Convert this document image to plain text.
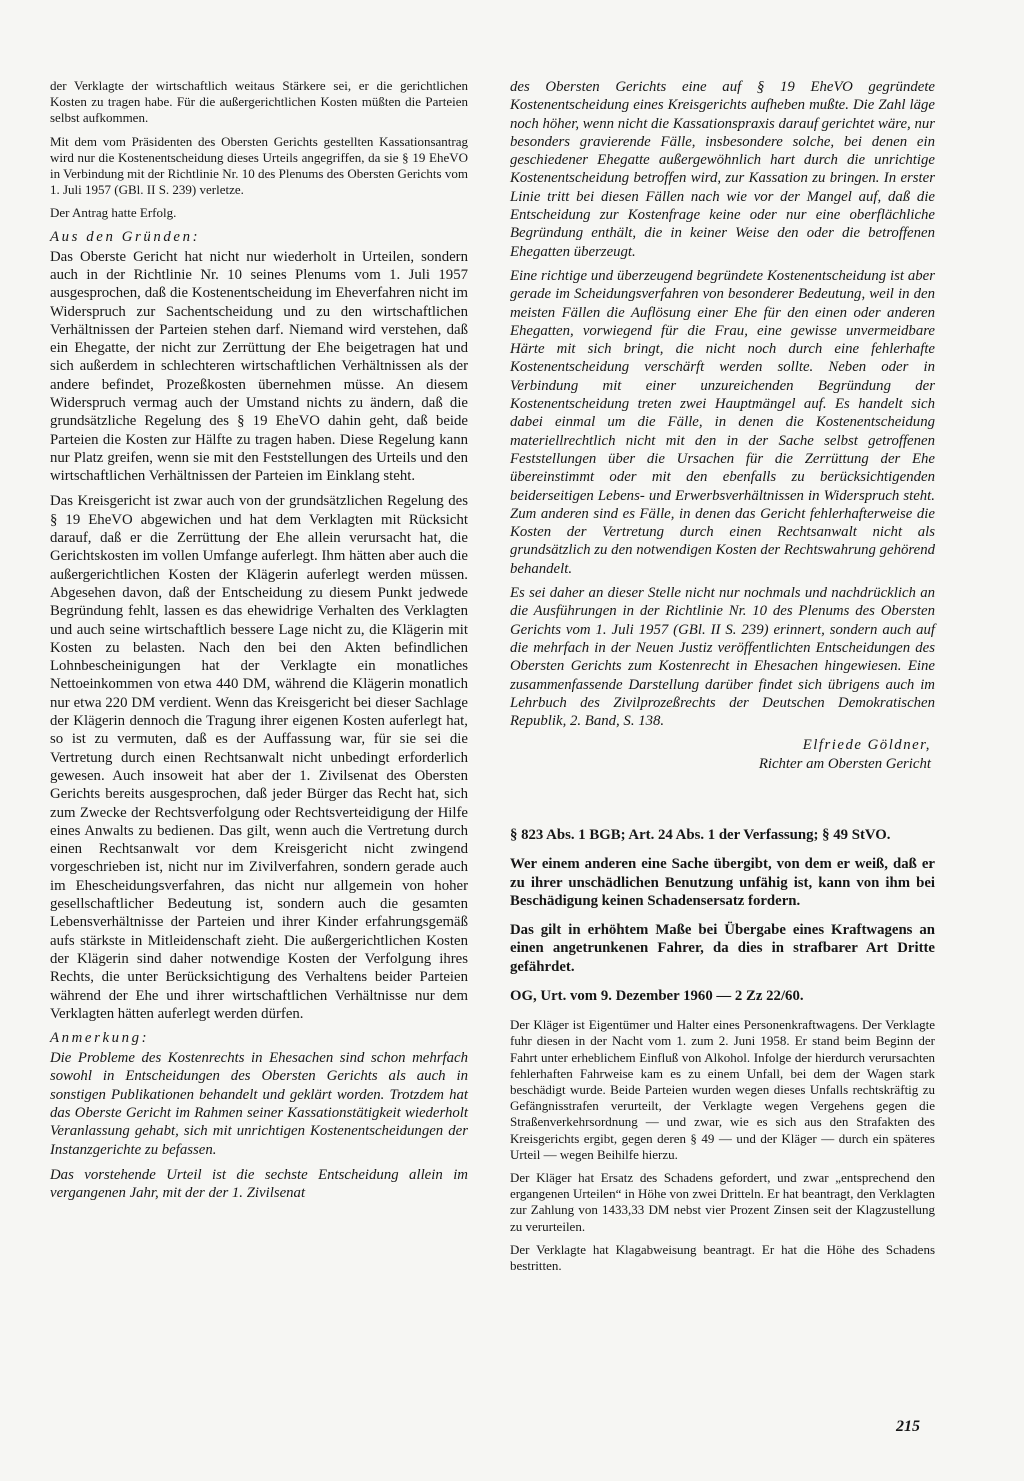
der Verklagte der wirtschaftlich weitaus Stärkere sei, er die gerichtlichen Kosten zu tragen habe. Für die außergerichtlichen Kosten müßten die Parteien selbst aufkommen.

Mit dem vom Präsidenten des Obersten Gerichts gestellten Kassationsantrag wird nur die Kostenentscheidung dieses Urteils angegriffen, da sie § 19 EheVO in Verbindung mit der Richtlinie Nr. 10 des Plenums des Obersten Gerichts vom 1. Juli 1957 (GBl. II S. 239) verletze.

Der Antrag hatte Erfolg.

Aus den Gründen:

Das Oberste Gericht hat nicht nur wiederholt in Urteilen, sondern auch in der Richtlinie Nr. 10 seines Plenums vom 1. Juli 1957 ausgesprochen, daß die Kostenentscheidung im Eheverfahren nicht im Widerspruch zur Sachentscheidung und zu den wirtschaftlichen Verhältnissen der Parteien stehen darf. Niemand wird verstehen, daß ein Ehegatte, der nicht zur Zerrüttung der Ehe beigetragen hat und sich außerdem in schlechteren wirtschaftlichen Verhältnissen als der andere befindet, Prozeßkosten übernehmen müsse. An diesem Widerspruch vermag auch der Umstand nichts zu ändern, daß die grundsätzliche Regelung des § 19 EheVO dahin geht, daß beide Parteien die Kosten zur Hälfte zu tragen haben. Diese Regelung kann nur Platz greifen, wenn sie mit den Feststellungen des Urteils und den wirtschaftlichen Verhältnissen der Parteien im Einklang steht.

Das Kreisgericht ist zwar auch von der grundsätzlichen Regelung des § 19 EheVO abgewichen und hat dem Verklagten mit Rücksicht darauf, daß er die Zerrüttung der Ehe allein verursacht hat, die Gerichtskosten im vollen Umfange auferlegt. Ihm hätten aber auch die außergerichtlichen Kosten der Klägerin auferlegt werden müssen. Abgesehen davon, daß der Entscheidung zu diesem Punkt jedwede Begründung fehlt, lassen es das ehewidrige Verhalten des Verklagten und auch seine wirtschaftlich bessere Lage nicht zu, die Klägerin mit Kosten zu belasten. Nach den bei den Akten befindlichen Lohnbescheinigungen hat der Verklagte ein monatliches Nettoeinkommen von etwa 440 DM, während die Klägerin monatlich nur etwa 220 DM verdient. Wenn das Kreisgericht bei dieser Sachlage der Klägerin dennoch die Tragung ihrer eigenen Kosten auferlegt hat, so ist zu vermuten, daß es der Auffassung war, für sie sei die Vertretung durch einen Rechtsanwalt nicht unbedingt erforderlich gewesen. Auch insoweit hat aber der 1. Zivilsenat des Obersten Gerichts bereits ausgesprochen, daß jeder Bürger das Recht hat, sich zum Zwecke der Rechtsverfolgung oder Rechtsverteidigung der Hilfe eines Anwalts zu bedienen. Das gilt, wenn auch die Vertretung durch einen Rechtsanwalt vor dem Kreisgericht nicht zwingend vorgeschrieben ist, nicht nur im Zivilverfahren, sondern gerade auch im Ehescheidungsverfahren, das nicht nur allgemein von hoher gesellschaftlicher Bedeutung ist, sondern auch die gesamten Lebensverhältnisse der Parteien und ihrer Kinder erfahrungsgemäß aufs stärkste in Mitleidenschaft zieht. Die außergerichtlichen Kosten der Klägerin sind daher notwendige Kosten der Verfolgung ihres Rechts, die unter Berücksichtigung des Verhaltens beider Parteien während der Ehe und ihrer wirtschaftlichen Verhältnisse nur dem Verklagten hätten auferlegt werden dürfen.

Anmerkung:

Die Probleme des Kostenrechts in Ehesachen sind schon mehrfach sowohl in Entscheidungen des Obersten Gerichts als auch in sonstigen Publikationen behandelt und geklärt worden. Trotzdem hat das Oberste Gericht im Rahmen seiner Kassationstätigkeit wiederholt Veranlassung gehabt, sich mit unrichtigen Kostenentscheidungen der Instanzgerichte zu befassen.

Das vorstehende Urteil ist die sechste Entscheidung allein im vergangenen Jahr, mit der der 1. Zivilsenat

des Obersten Gerichts eine auf § 19 EheVO gegründete Kostenentscheidung eines Kreisgerichts aufheben mußte. Die Zahl läge noch höher, wenn nicht die Kassationspraxis darauf gerichtet wäre, nur besonders gravierende Fälle, insbesondere solche, bei denen ein geschiedener Ehegatte außergewöhnlich hart durch die unrichtige Kostenentscheidung betroffen wird, zur Kassation zu bringen. In erster Linie tritt bei diesen Fällen nach wie vor der Mangel auf, daß die Entscheidung zur Kostenfrage keine oder nur eine oberflächliche Begründung enthält, die in keiner Weise den oder die betroffenen Ehegatten überzeugt.

Eine richtige und überzeugend begründete Kostenentscheidung ist aber gerade im Scheidungsverfahren von besonderer Bedeutung, weil in den meisten Fällen die Auflösung einer Ehe für den einen oder anderen Ehegatten, vorwiegend für die Frau, eine gewisse unvermeidbare Härte mit sich bringt, die nicht noch durch eine fehlerhafte Kostenentscheidung verschärft werden sollte. Neben oder in Verbindung mit einer unzureichenden Begründung der Kostenentscheidung treten zwei Hauptmängel auf. Es handelt sich dabei einmal um die Fälle, in denen die Kostenentscheidung materiellrechtlich nicht mit den in der Sache selbst getroffenen Feststellungen über die Ursachen für die Zerrüttung der Ehe übereinstimmt oder mit den ebenfalls zu berücksichtigenden beiderseitigen Lebens- und Erwerbsverhältnissen in Widerspruch steht. Zum anderen sind es Fälle, in denen das Gericht fehlerhafterweise die Kosten der Vertretung durch einen Rechtsanwalt nicht als grundsätzlich zu den notwendigen Kosten der Rechtswahrung gehörend behandelt.

Es sei daher an dieser Stelle nicht nur nochmals und nachdrücklich an die Ausführungen in der Richtlinie Nr. 10 des Plenums des Obersten Gerichts vom 1. Juli 1957 (GBl. II S. 239) erinnert, sondern auch auf die mehrfach in der Neuen Justiz veröffentlichten Entscheidungen des Obersten Gerichts zum Kostenrecht in Ehesachen hingewiesen. Eine zusammenfassende Darstellung darüber findet sich übrigens auch im Lehrbuch des Zivilprozeßrechts der Deutschen Demokratischen Republik, 2. Band, S. 138.

Elfriede Göldner,
Richter am Obersten Gericht

§ 823 Abs. 1 BGB; Art. 24 Abs. 1 der Verfassung; § 49 StVO.

Wer einem anderen eine Sache übergibt, von dem er weiß, daß er zu ihrer unschädlichen Benutzung unfähig ist, kann von ihm bei Beschädigung keinen Schadensersatz fordern.

Das gilt in erhöhtem Maße bei Übergabe eines Kraftwagens an einen angetrunkenen Fahrer, da dies in strafbarer Art Dritte gefährdet.

OG, Urt. vom 9. Dezember 1960 — 2 Zz 22/60.

Der Kläger ist Eigentümer und Halter eines Personenkraftwagens. Der Verklagte fuhr diesen in der Nacht vom 1. zum 2. Juni 1958. Er stand beim Beginn der Fahrt unter erheblichem Einfluß von Alkohol. Infolge der hierdurch verursachten fehlerhaften Fahrweise kam es zu einem Unfall, bei dem der Wagen stark beschädigt wurde. Beide Parteien wurden wegen dieses Unfalls rechtskräftig zu Gefängnisstrafen verurteilt, der Verklagte wegen Vergehens gegen die Straßenverkehrsordnung — und zwar, wie es sich aus den Strafakten des Kreisgerichts ergibt, gegen deren § 49 — und der Kläger — durch ein späteres Urteil — wegen Beihilfe hierzu.

Der Kläger hat Ersatz des Schadens gefordert, und zwar „entsprechend den ergangenen Urteilen“ in Höhe von zwei Dritteln. Er hat beantragt, den Verklagten zur Zahlung von 1433,33 DM nebst vier Prozent Zinsen seit der Klagzustellung zu verurteilen.

Der Verklagte hat Klagabweisung beantragt. Er hat die Höhe des Schadens bestritten.

215
